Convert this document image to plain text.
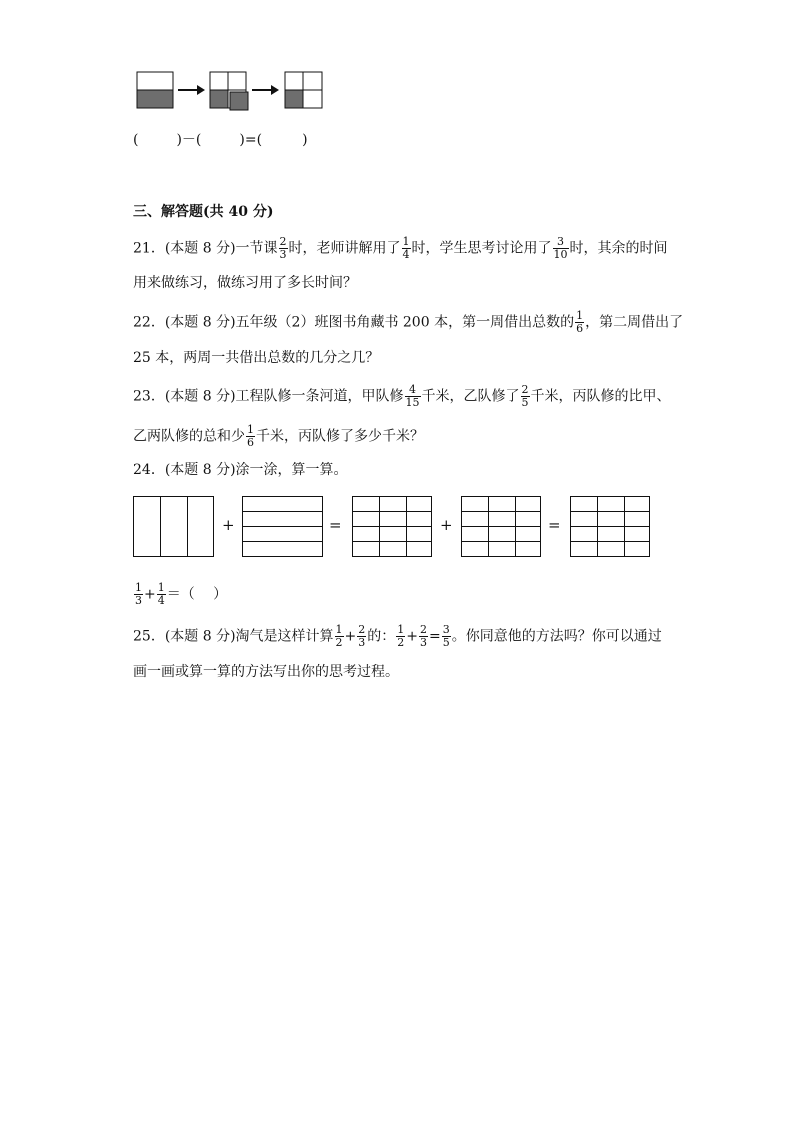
(	)－(	)=(	)
三、解答题(共 40 分)
21．(本题 8 分)一节课 $\frac{2}{3}$ 时，老师讲解用了 $\frac{1}{4}$ 时，学生思考讨论用了 $\frac{3}{10}$ 时，其余的时间
用来做练习，做练习用了多长时间？
22．(本题 8 分)五年级（2）班图书角藏书 200 本，第一周借出总数的 $\frac{1}{6}$ ，第二周借出了
25 本，两周一共借出总数的几分之几？
23．(本题 8 分)工程队修一条河道，甲队修 $\frac{4}{15}$ 千米，乙队修了 $\frac{2}{5}$ 千米，丙队修的比甲、
乙两队修的总和少 $\frac{1}{6}$ 千米，丙队修了多少千米？
24．(本题 8 分)涂一涂，算一算。
+	=	+	=
$\frac{1}{3} + \frac{1}{4}$ ＝（　 ）
25．(本题 8 分)淘气是这样计算 $\frac{1}{2} + \frac{2}{3}$ 的： $\frac{1}{2} + \frac{2}{3} = \frac{3}{5}$ 。你同意他的方法吗？你可以通过
画一画或算一算的方法写出你的思考过程。
